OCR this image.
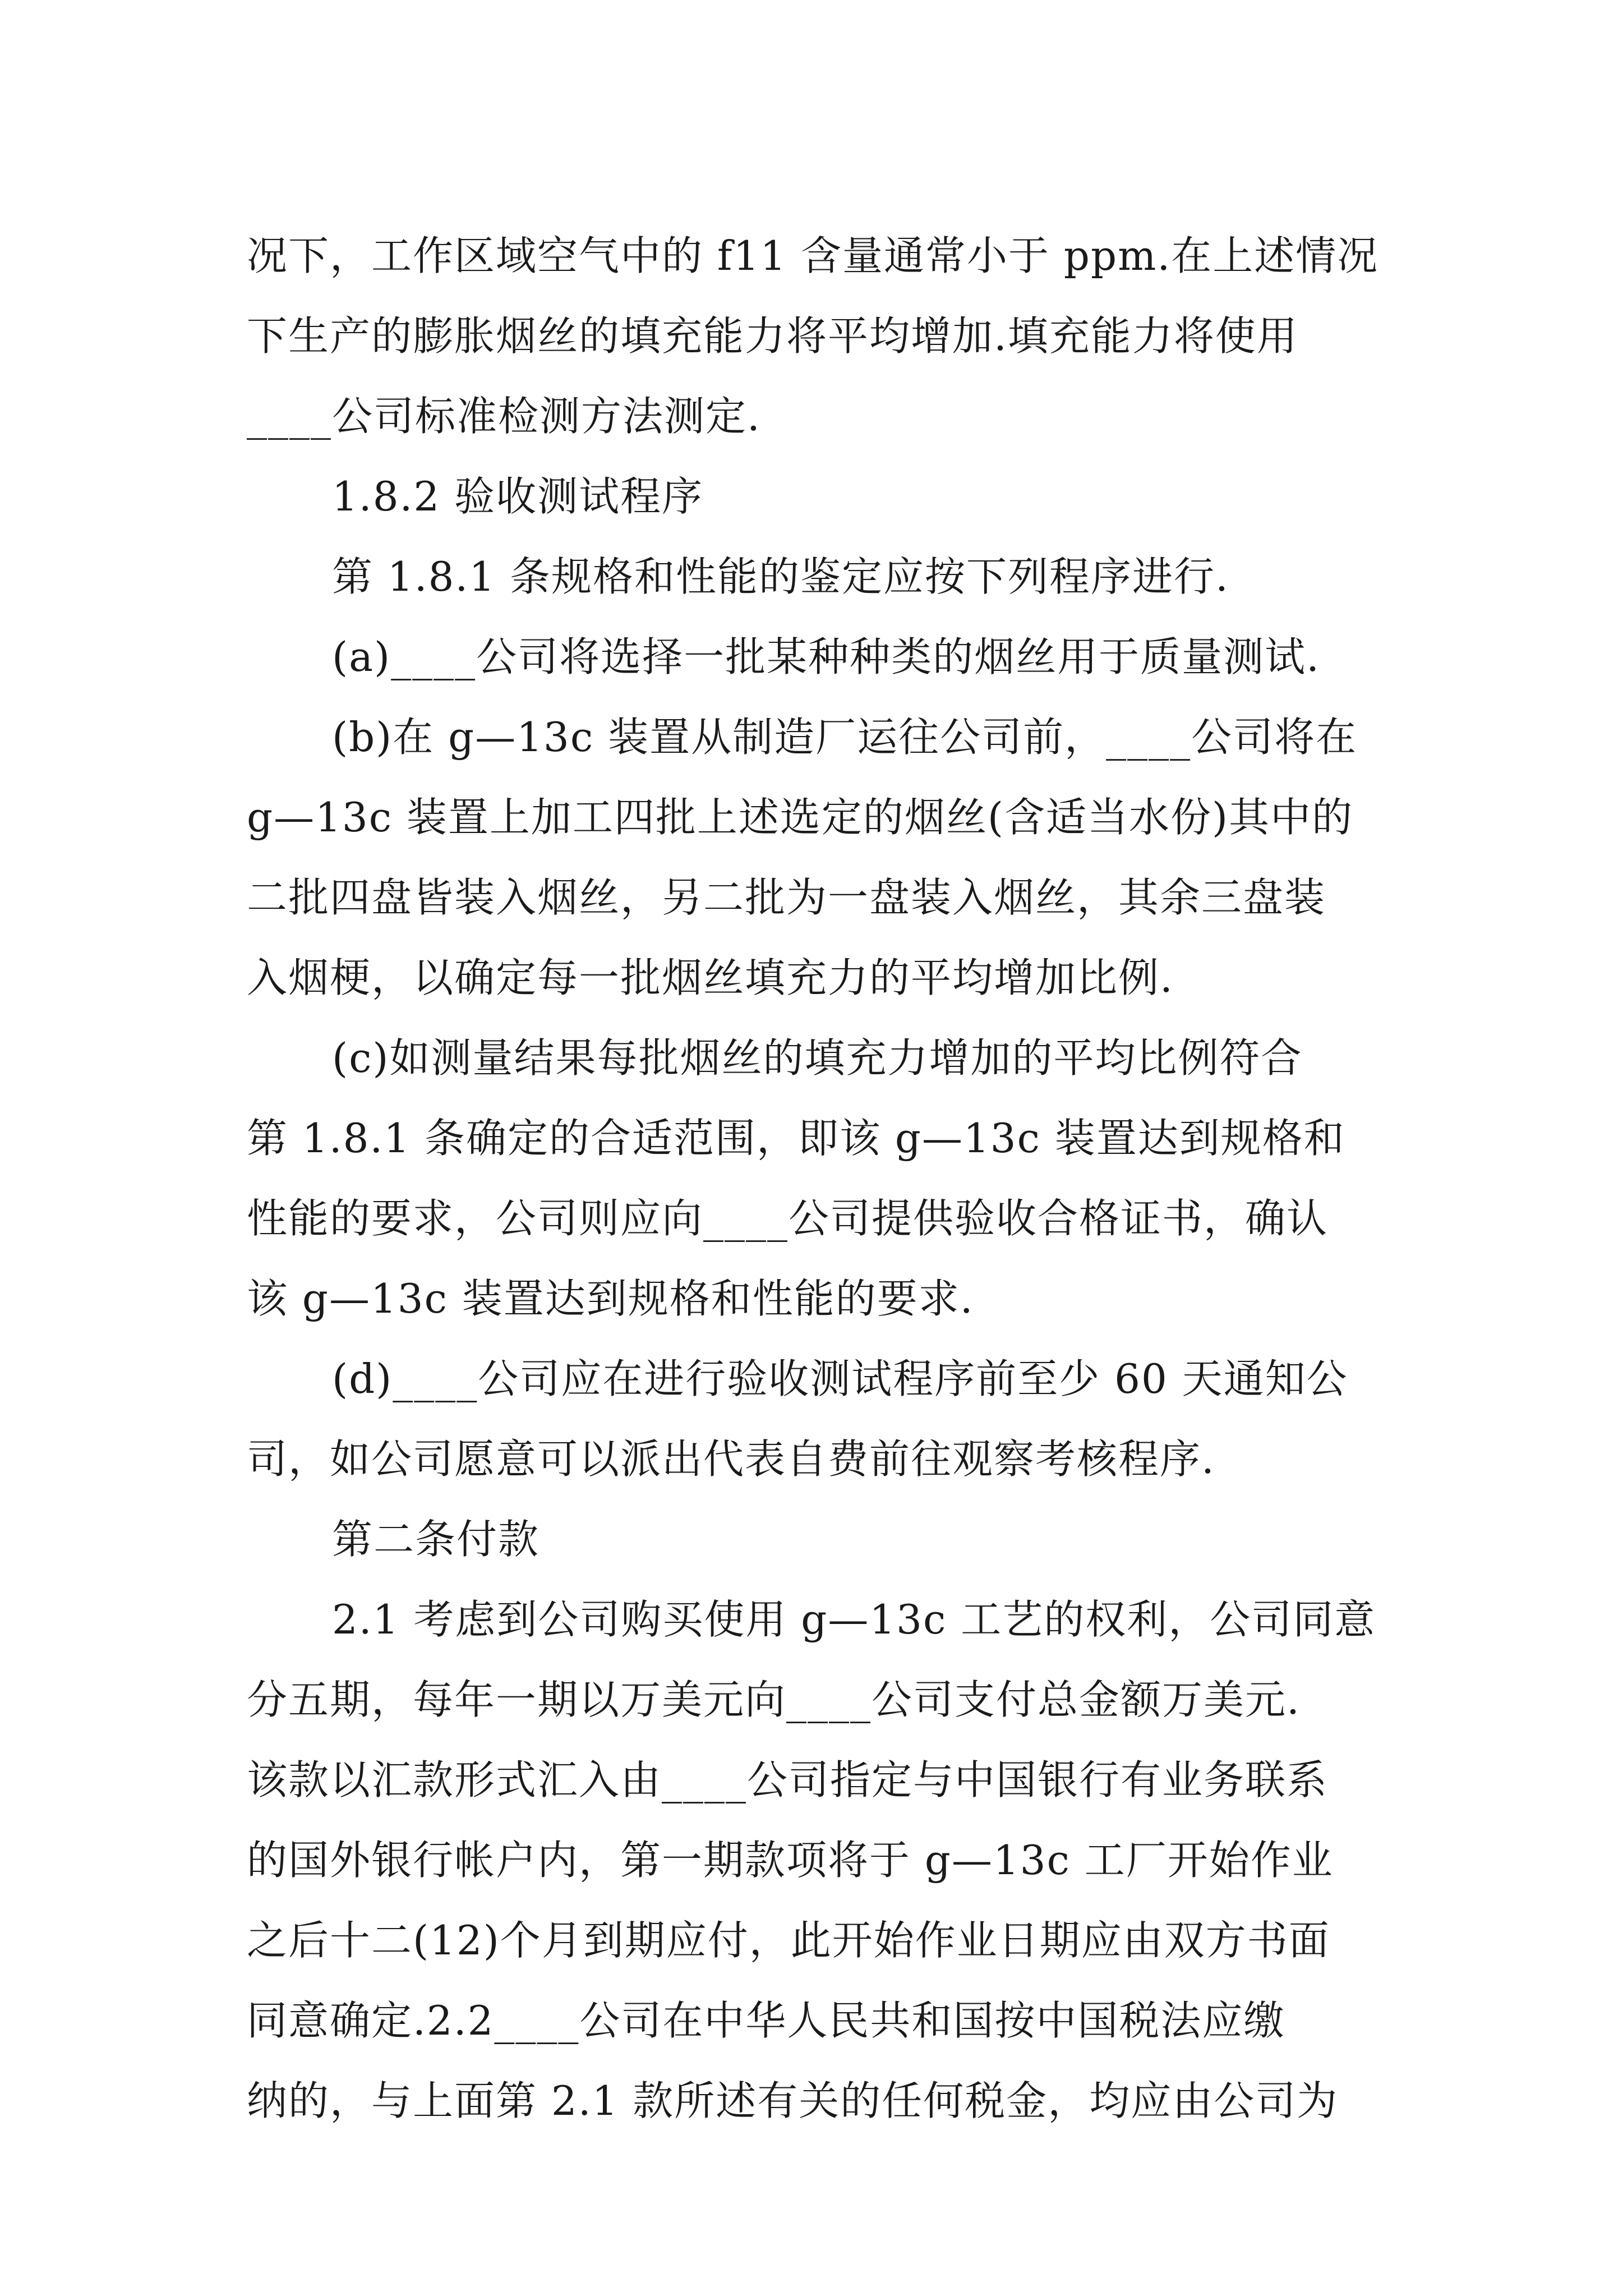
况下，工作区域空气中的 f11 含量通常小于 ppm.在上述情况
下生产的膨胀烟丝的填充能力将平均增加.填充能力将使用
____公司标准检测方法测定.
1.8.2 验收测试程序
第 1.8.1 条规格和性能的鉴定应按下列程序进行.
(a)____公司将选择一批某种种类的烟丝用于质量测试.
(b)在 g—13c 装置从制造厂运往公司前，____公司将在
g—13c 装置上加工四批上述选定的烟丝(含适当水份)其中的
二批四盘皆装入烟丝，另二批为一盘装入烟丝，其余三盘装
入烟梗，以确定每一批烟丝填充力的平均增加比例.
(c)如测量结果每批烟丝的填充力增加的平均比例符合
第 1.8.1 条确定的合适范围，即该 g—13c 装置达到规格和
性能的要求，公司则应向____公司提供验收合格证书，确认
该 g—13c 装置达到规格和性能的要求.
(d)____公司应在进行验收测试程序前至少 60 天通知公
司，如公司愿意可以派出代表自费前往观察考核程序.
第二条付款
2.1 考虑到公司购买使用 g—13c 工艺的权利，公司同意
分五期，每年一期以万美元向____公司支付总金额万美元.
该款以汇款形式汇入由____公司指定与中国银行有业务联系
的国外银行帐户内，第一期款项将于 g—13c 工厂开始作业
之后十二(12)个月到期应付，此开始作业日期应由双方书面
同意确定.2.2____公司在中华人民共和国按中国税法应缴
纳的，与上面第 2.1 款所述有关的任何税金，均应由公司为
